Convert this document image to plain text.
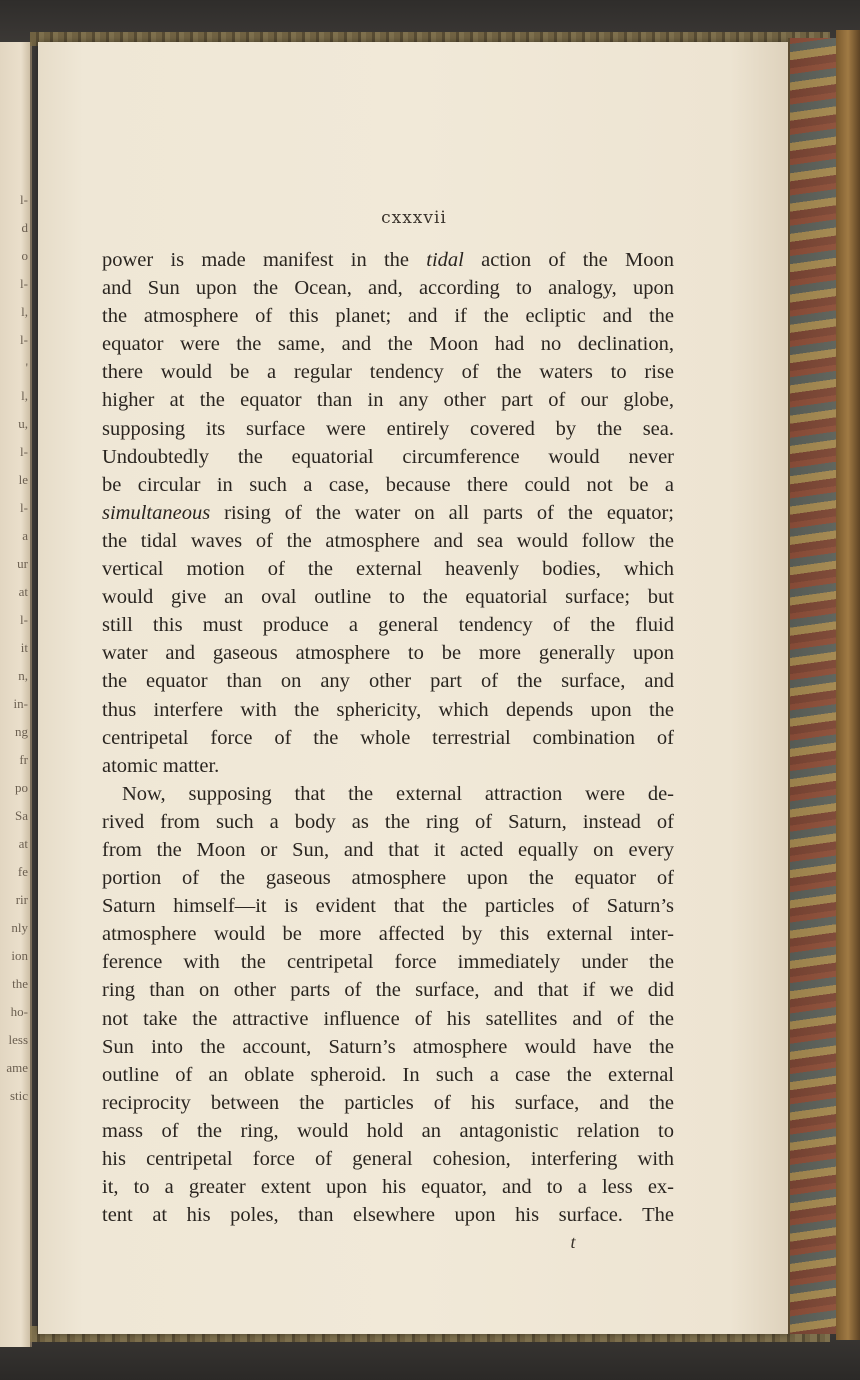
l-
d
o
l-
l,
l-
'
l,
u,
l-
le
l-
a
ur
at
l-
it
n,
in-
ng
fr
po
Sa
at
fe
rir
nly
ion
the
ho-
less
ame
stic
cxxxvii
power is made manifest in the tidal action of the Moon
and Sun upon the Ocean, and, according to analogy, upon
the atmosphere of this planet; and if the ecliptic and the
equator were the same, and the Moon had no declination,
there would be a regular tendency of the waters to rise
higher at the equator than in any other part of our globe,
supposing its surface were entirely covered by the sea.
Undoubtedly the equatorial circumference would never
be circular in such a case, because there could not be a
simultaneous rising of the water on all parts of the equator;
the tidal waves of the atmosphere and sea would follow the
vertical motion of the external heavenly bodies, which
would give an oval outline to the equatorial surface; but
still this must produce a general tendency of the fluid
water and gaseous atmosphere to be more generally upon
the equator than on any other part of the surface, and
thus interfere with the sphericity, which depends upon the
centripetal force of the whole terrestrial combination of
atomic matter.
Now, supposing that the external attraction were de-
rived from such a body as the ring of Saturn, instead of
from the Moon or Sun, and that it acted equally on every
portion of the gaseous atmosphere upon the equator of
Saturn himself—it is evident that the particles of Saturn’s
atmosphere would be more affected by this external inter-
ference with the centripetal force immediately under the
ring than on other parts of the surface, and that if we did
not take the attractive influence of his satellites and of the
Sun into the account, Saturn’s atmosphere would have the
outline of an oblate spheroid. In such a case the external
reciprocity between the particles of his surface, and the
mass of the ring, would hold an antagonistic relation to
his centripetal force of general cohesion, interfering with
it, to a greater extent upon his equator, and to a less ex-
tent at his poles, than elsewhere upon his surface. The
t
